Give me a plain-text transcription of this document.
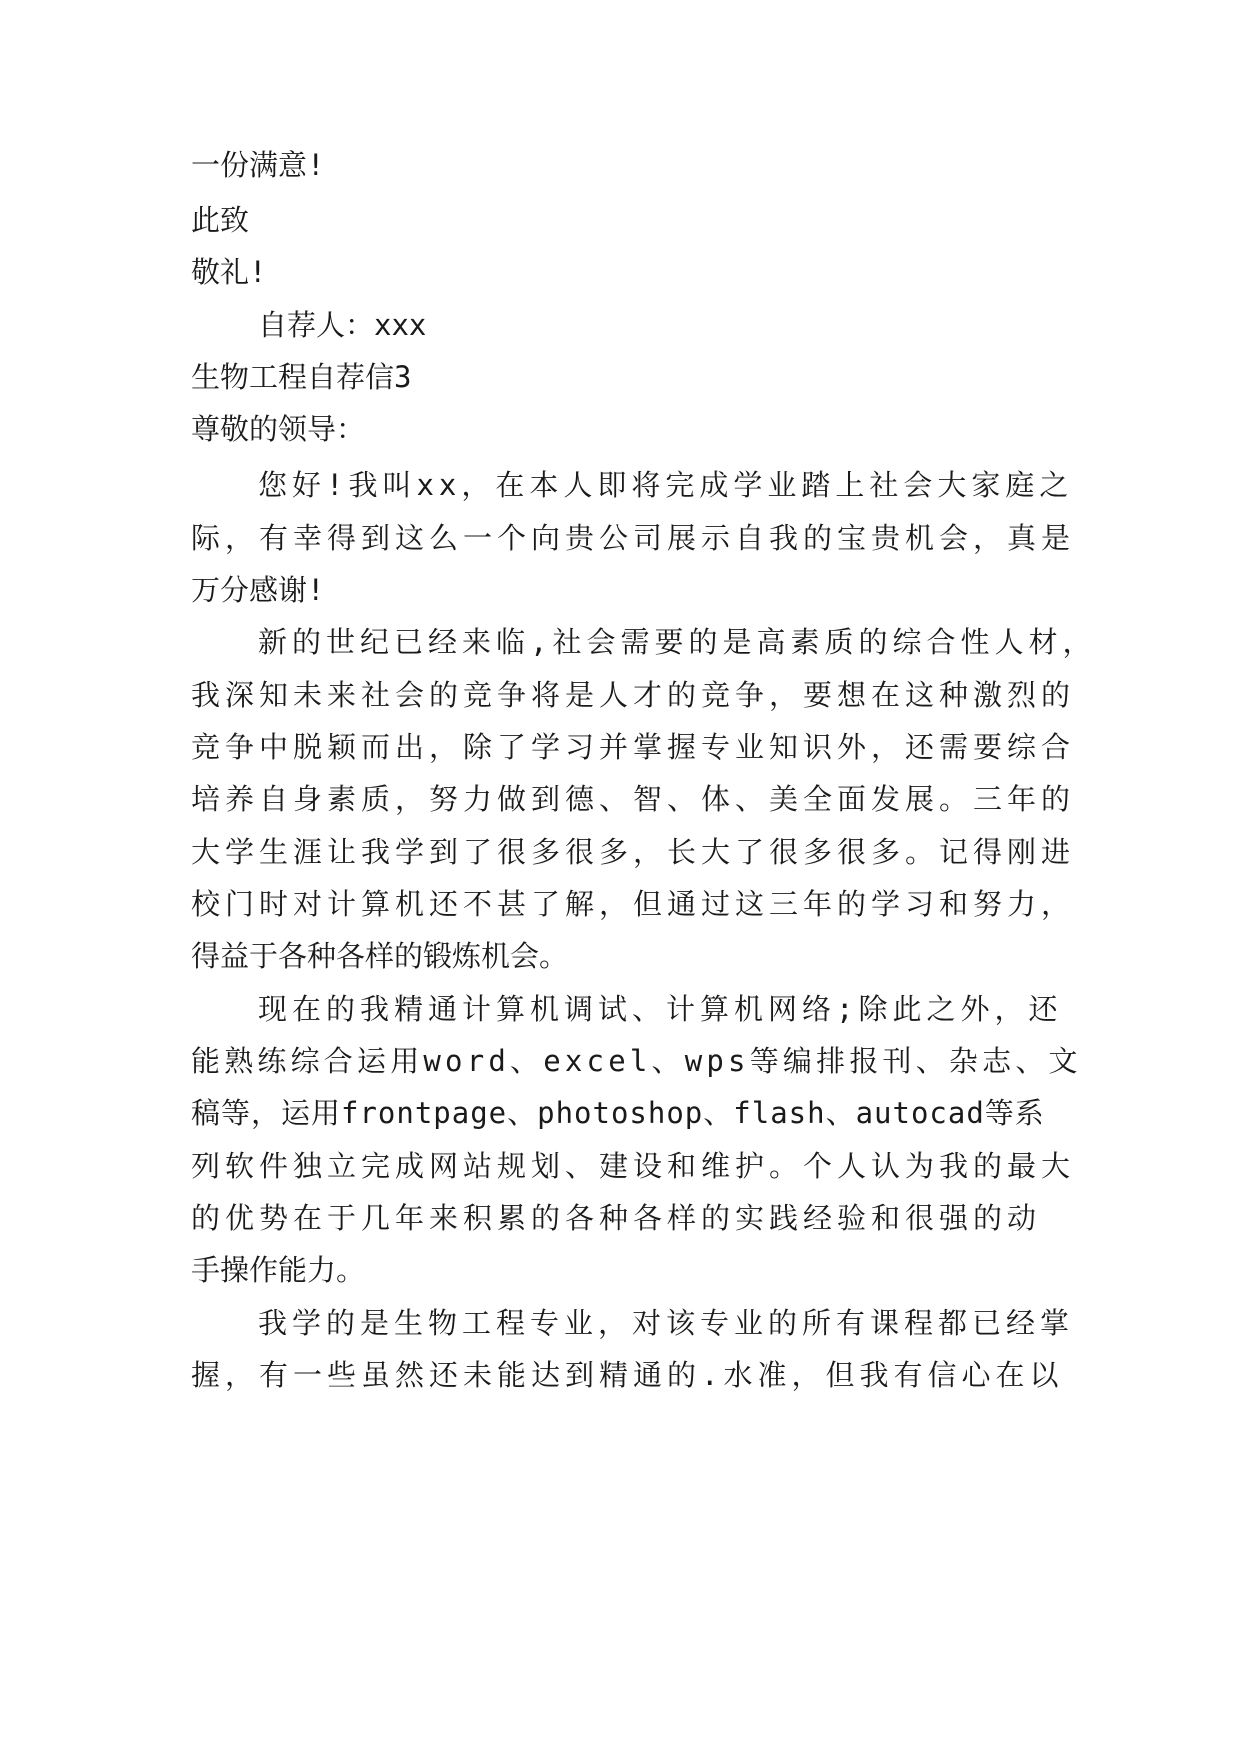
一份满意!

此致

敬礼!

自荐人：xxx

生物工程自荐信3

尊敬的领导：

您好!我叫xx，在本人即将完成学业踏上社会大家庭之

际，有幸得到这么一个向贵公司展示自我的宝贵机会，真是

万分感谢!

新的世纪已经来临,社会需要的是高素质的综合性人材，

我深知未来社会的竞争将是人才的竞争，要想在这种激烈的

竞争中脱颖而出，除了学习并掌握专业知识外，还需要综合

培养自身素质，努力做到德、智、体、美全面发展。三年的

大学生涯让我学到了很多很多，长大了很多很多。记得刚进

校门时对计算机还不甚了解，但通过这三年的学习和努力，

得益于各种各样的锻炼机会。

现在的我精通计算机调试、计算机网络;除此之外，还

能熟练综合运用word、excel、wps等编排报刊、杂志、文

稿等，运用frontpage、photoshop、flash、autocad等系

列软件独立完成网站规划、建设和维护。个人认为我的最大

的优势在于几年来积累的各种各样的实践经验和很强的动

手操作能力。

我学的是生物工程专业，对该专业的所有课程都已经掌

握，有一些虽然还未能达到精通的.水准，但我有信心在以
